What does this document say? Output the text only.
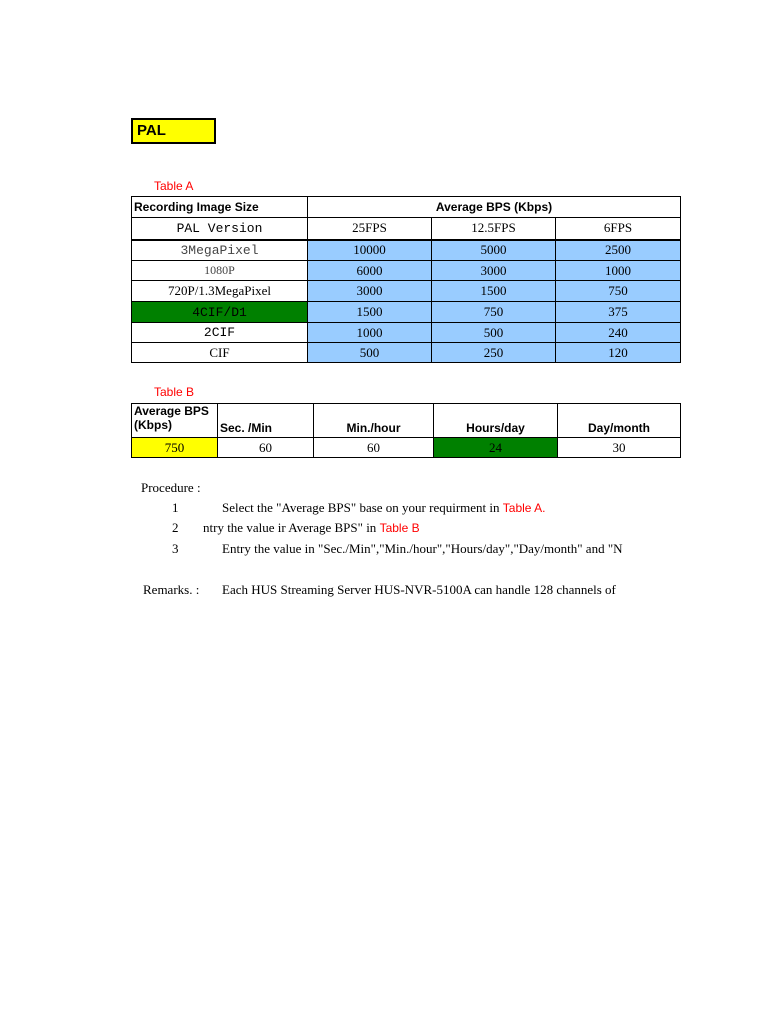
PAL
Table A
Recording Image Size	Average BPS (Kbps)		
PAL Version	25FPS	12.5FPS	6FPS
3MegaPixel	10000	5000	2500
1080P	6000	3000	1000
720P/1.3MegaPixel	3000	1500	750
4CIF/D1	1500	750	375
2CIF	1000	500	240
CIF	500	250	120
Table B
Average BPS
(Kbps)	Sec. /Min	Min./hour	Hours/day	Day/month
750	60	60	24	30
Procedure :
1	Select the "Average BPS" base on your requirment in Table A.
2 ntry the value ir Average BPS" in Table B
3	Entry the value in "Sec./Min","Min./hour","Hours/day","Day/month" and "N
Remarks. : Each HUS Streaming Server HUS-NVR-5100A can handle 128 channels of
